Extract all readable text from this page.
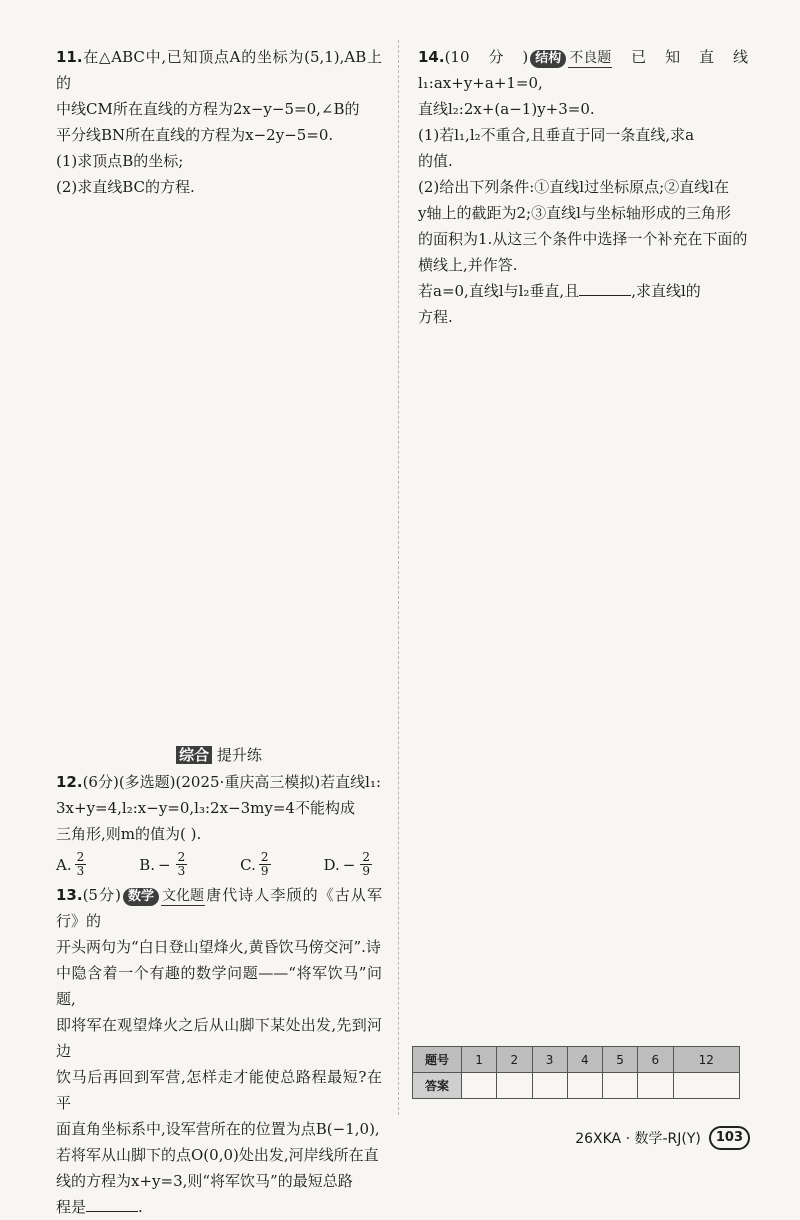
11.在△ABC中,已知顶点A的坐标为(5,1),AB上的

中线CM所在直线的方程为2x−y−5=0,∠B的

平分线BN所在直线的方程为x−2y−5=0.

(1)求顶点B的坐标;

(2)求直线BC的方程.

综合 提升练

12.(6分)(多选题)(2025·重庆高三模拟)若直线l₁:

3x+y=4,l₂:x−y=0,l₃:2x−3my=4不能构成

三角形,则m的值为( ).

A. $\frac{2}{3}$	B. − $\frac{2}{3}$	C. $\frac{2}{9}$	D. − $\frac{2}{9}$

13.(5分) 数学 文化题唐代诗人李颀的《古从军行》的

开头两句为“白日登山望烽火,黄昏饮马傍交河”.诗

中隐含着一个有趣的数学问题——“将军饮马”问题,

即将军在观望烽火之后从山脚下某处出发,先到河边

饮马后再回到军营,怎样走才能使总路程最短?在平

面直角坐标系中,设军营所在的位置为点B(−1,0),

若将军从山脚下的点O(0,0)处出发,河岸线所在直

线的方程为x+y=3,则“将军饮马”的最短总路

程是	.

14.(10分) 结构 不良题已知直线l₁:ax+y+a+1=0,

直线l₂:2x+(a−1)y+3=0.

(1)若l₁,l₂不重合,且垂直于同一条直线,求a

的值.

(2)给出下列条件:①直线l过坐标原点;②直线l在

y轴上的截距为2;③直线l与坐标轴形成的三角形

的面积为1.从这三个条件中选择一个补充在下面的

横线上,并作答.

若a=0,直线l与l₂垂直,且	,求直线l的

方程.

题号	1	2	3	4	5	6	12
答案							
26XKA · 数学-RJ(Y)	103
